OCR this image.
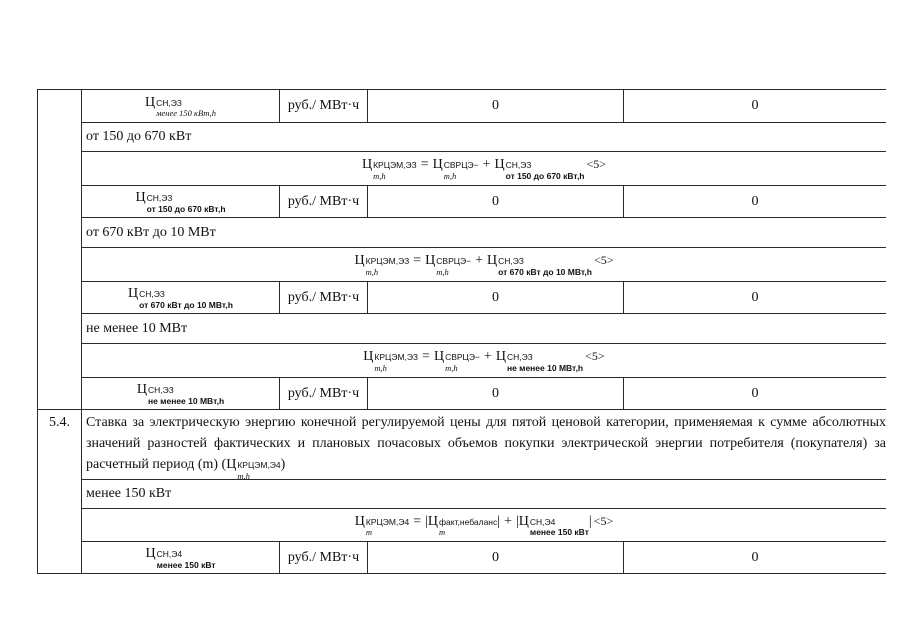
Ц СН,ЭЗ
менее 150 кВт,h	руб./ МВт·ч	0	0
от 150 до 670 кВт
Ц КРЦЭМ,ЭЗ
m,h
= Ц СВРЦЭ−
m,h
+ Ц СН,ЭЗ
от 150 до 670 кВт,h
<5>
Ц СН,ЭЗ
от 150 до 670 кВт,h	руб./ МВт·ч	0	0
от 670 кВт до 10 МВт
Ц КРЦЭМ,ЭЗ
m,h
= Ц СВРЦЭ−
m,h
+ Ц СН,ЭЗ
от 670 кВт до 10 МВт,h
<5>
Ц СН,ЭЗ
от 670 кВт до 10 МВт,h	руб./ МВт·ч	0	0
не менее 10 МВт
Ц КРЦЭМ,ЭЗ
m,h
= Ц СВРЦЭ−
m,h
+ Ц СН,ЭЗ
не менее 10 МВт,h
<5>
Ц СН,ЭЗ
не менее 10 МВт,h	руб./ МВт·ч	0	0
5.4.	Ставка за электрическую энергию конечной регулируемой цены для пятой ценовой категории, применяемая к сумме абсолютных значений разностей фактических и плановых почасовых объемов покупки электрической энергии потребителя (покупателя) за расчетный период (m) ( Ц КРЦЭМ,Э4
m,h
)
менее 150 кВт
Ц КРЦЭМ,Э4
m
= | Ц факт,небаланс
m
| + | Ц СН,Э4
менее 150 кВт
| <5>
Ц СН,Э4
менее 150 кВт	руб./ МВт·ч	0	0
